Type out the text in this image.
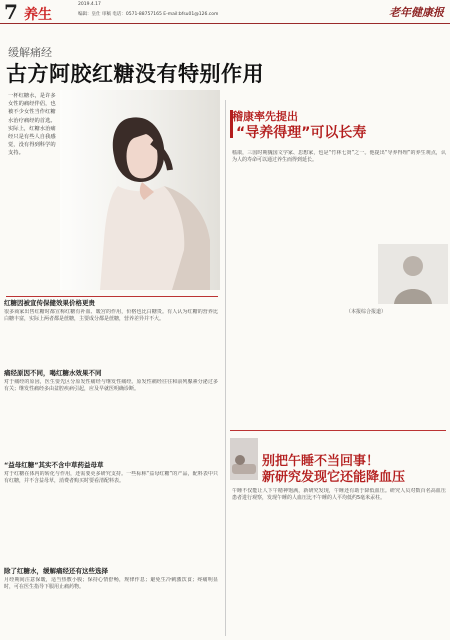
7 养生
2019.4.17
编辑：皇仕 审稿 电话：0571-88757165 E-mail:bfsu01@126.com	老年健康报
缓解痛经
古方阿胶红糖没有特别作用
一杯红糖水，是许多女性的痛经伴侣，也被不少女性当作红糖水治疗痛经的首选。实际上，红糖水治痛经只是有些人自我感觉，没有得到科学的支持。
红糖因被宣传保健效果价格更贵
很多商家出售红糖时都宣称红糖有补血、暖宫的作用，价格也比白糖贵。有人认为红糖的营养比白糖丰富，实际上两者都是蔗糖，主要成分都是蔗糖，营养差异并不大。
痛经原因不同，喝红糖水效果不同
对于痛经的原因，医生要先区分原发性痛经与继发性痛经。原发性痛经往往和前列腺素分泌过多有关；继发性痛经多由盆腔疾病引起，应及早就医明确诊断。
“益母红糖”其实不含中草药益母草
对于红糖在体内的转化与作用，还需要更多研究支持。一些标称“益母红糖”的产品，配料表中只有红糖，并不含益母草，消费者购买时要看清配料表。
除了红糖水，缓解痛经还有这些选择
月经期间注意保暖，适当热敷小腹；保持心情舒畅，规律作息；避免生冷刺激饮食；疼痛明显时，可在医生指导下服用止痛药物。
稽康率先提出
“导养得理”可以长寿
嵇康，三国时期魏国文学家、思想家，也是“竹林七贤”之一。他提出“导养得理”的养生观点，认为人的寿命可以通过养生而得到延长。
（本报综合报道）
别把午睡不当回事！
新研究发现它还能降血压
午睡不仅能让人下午精神饱满，新研究发现，午睡还有助于降低血压。研究人员对数百名高血压患者进行观察，发现午睡的人血压比不午睡的人平均低约5毫米汞柱。
